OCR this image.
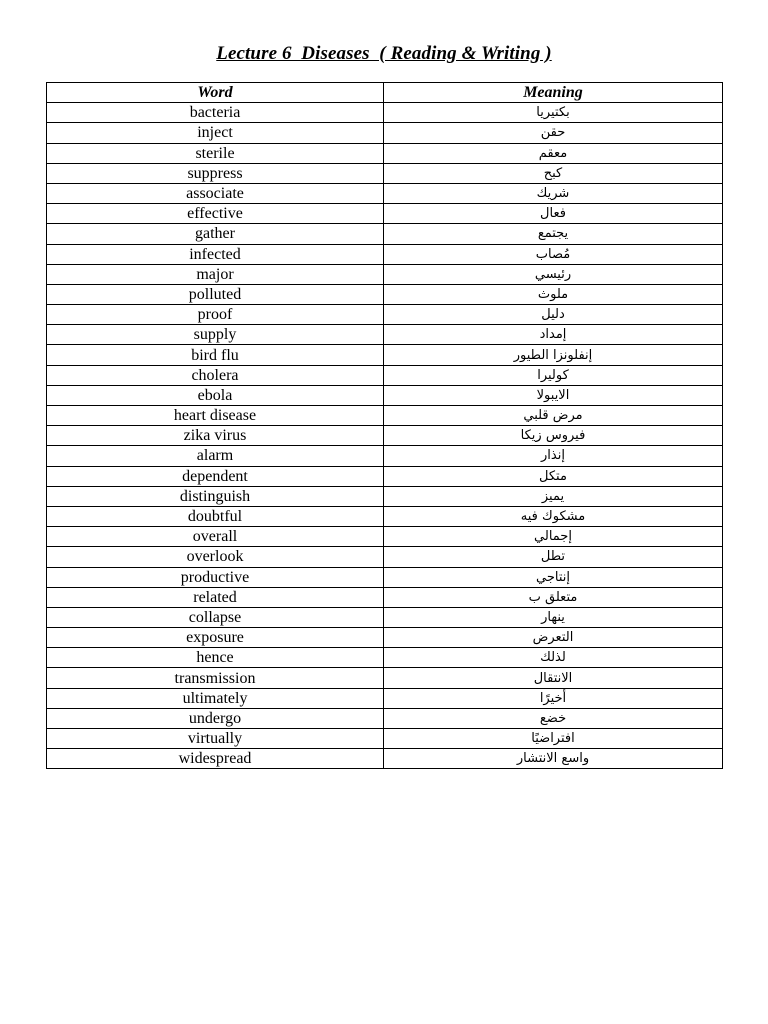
Lecture 6  Diseases  ( Reading & Writing )
Word	Meaning
bacteria	بكتيريا
inject	حقن
sterile	معقم
suppress	كبح
associate	شريك
effective	فعال
gather	يجتمع
infected	مُصاب
major	رئيسي
polluted	ملوث
proof	دليل
supply	إمداد
bird flu	إنفلونزا الطيور
cholera	كوليرا
ebola	الايبولا
heart disease	مرض قلبي
zika virus	فيروس زيكا
alarm	إنذار
dependent	متكل
distinguish	يميز
doubtful	مشكوك فيه
overall	إجمالي
overlook	تطل
productive	إنتاجي
related	متعلق ب
collapse	ينهار
exposure	التعرض
hence	لذلك
transmission	الانتقال
ultimately	أخيرًا
undergo	خضع
virtually	افتراضيًا
widespread	واسع الانتشار
